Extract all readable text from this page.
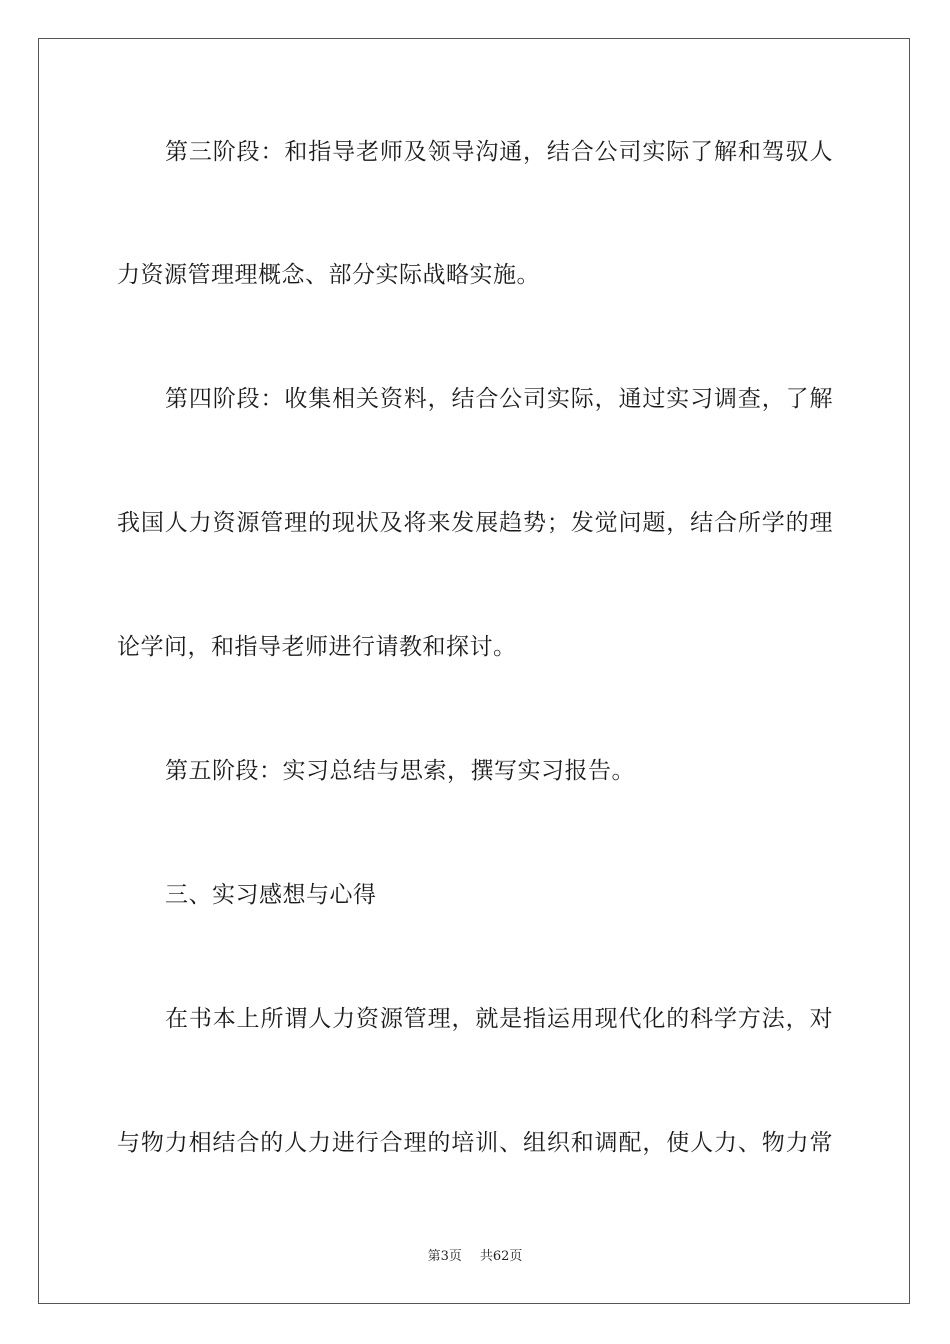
第三阶段：和指导老师及领导沟通，结合公司实际了解和驾驭人
力资源管理理概念、部分实际战略实施。
第四阶段：收集相关资料，结合公司实际，通过实习调查，了解
我国人力资源管理的现状及将来发展趋势；发觉问题，结合所学的理
论学问，和指导老师进行请教和探讨。
第五阶段：实习总结与思索，撰写实习报告。
三、实习感想与心得
在书本上所谓人力资源管理，就是指运用现代化的科学方法，对
与物力相结合的人力进行合理的培训、组织和调配，使人力、物力常
第3页 共62页
